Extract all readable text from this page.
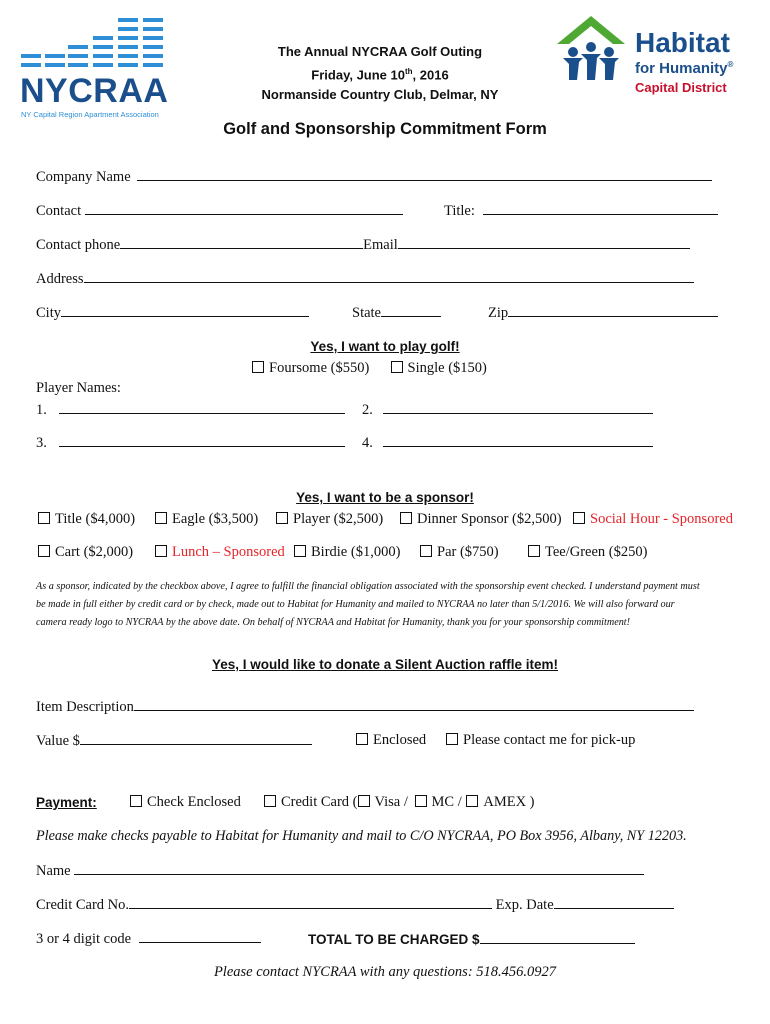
NYCRAA
NY Capital Region Apartment Association
The Annual NYCRAA Golf Outing
Friday, June 10th, 2016
Normanside Country Club, Delmar, NY
Habitat
for Humanity®
Capital District
Golf and Sponsorship Commitment Form
Company Name
Contact	Title:
Contact phone	Email
Address
City	State	Zip
Yes, I want to play golf!
Foursome ($550)	Single ($150)
Player Names:
1.	2.
3.	4.
Yes, I want to be a sponsor!
Title ($4,000)	Eagle ($3,500)	Player ($2,500)	Dinner Sponsor ($2,500)	Social Hour - Sponsored
Cart ($2,000)	Lunch – Sponsored	Birdie ($1,000)	Par ($750)	Tee/Green ($250)
As a sponsor, indicated by the checkbox above, I agree to fulfill the financial obligation associated with the sponsorship event checked. I understand payment must
be made in full either by credit card or by check, made out to Habitat for Humanity and mailed to NYCRAA no later than 5/1/2016. We will also forward our
camera ready logo to NYCRAA by the above date. On behalf of NYCRAA and Habitat for Humanity, thank you for your sponsorship commitment!
Yes, I would like to donate a Silent Auction raffle item!
Item Description
Value $	Enclosed	Please contact me for pick-up
Payment:	Check Enclosed	Credit Card ( Visa / MC / AMEX )
Please make checks payable to Habitat for Humanity and mail to C/O NYCRAA, PO Box 3956, Albany, NY 12203.
Name
Credit Card No.	Exp. Date
3 or 4 digit code	TOTAL TO BE CHARGED $
Please contact NYCRAA with any questions: 518.456.0927
